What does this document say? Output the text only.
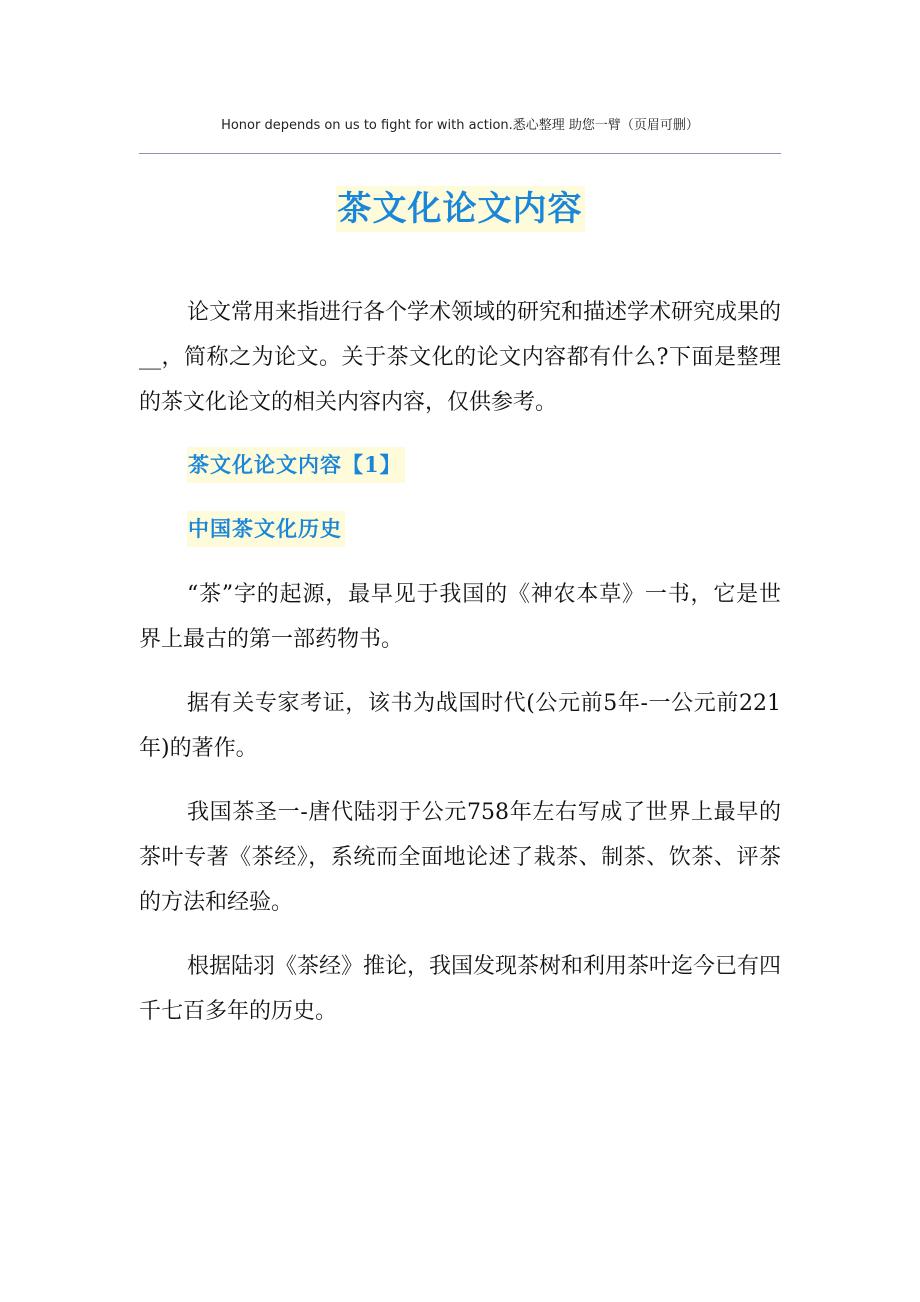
Honor depends on us to fight for with action.悉心整理 助您一臂（页眉可删）
茶文化论文内容

论文常用来指进行各个学术领域的研究和描述学术研究成果的__，简称之为论文。关于茶文化的论文内容都有什么?下面是整理的茶文化论文的相关内容内容，仅供参考。

茶文化论文内容【1】
中国茶文化历史

“茶”字的起源，最早见于我国的《神农本草》一书，它是世界上最古的第一部药物书。

据有关专家考证，该书为战国时代(公元前5年-一公元前221年)的著作。

我国茶圣一-唐代陆羽于公元758年左右写成了世界上最早的茶叶专著《茶经》，系统而全面地论述了栽茶、制茶、饮茶、评茶的方法和经验。

根据陆羽《茶经》推论，我国发现茶树和利用茶叶迄今已有四千七百多年的历史。
